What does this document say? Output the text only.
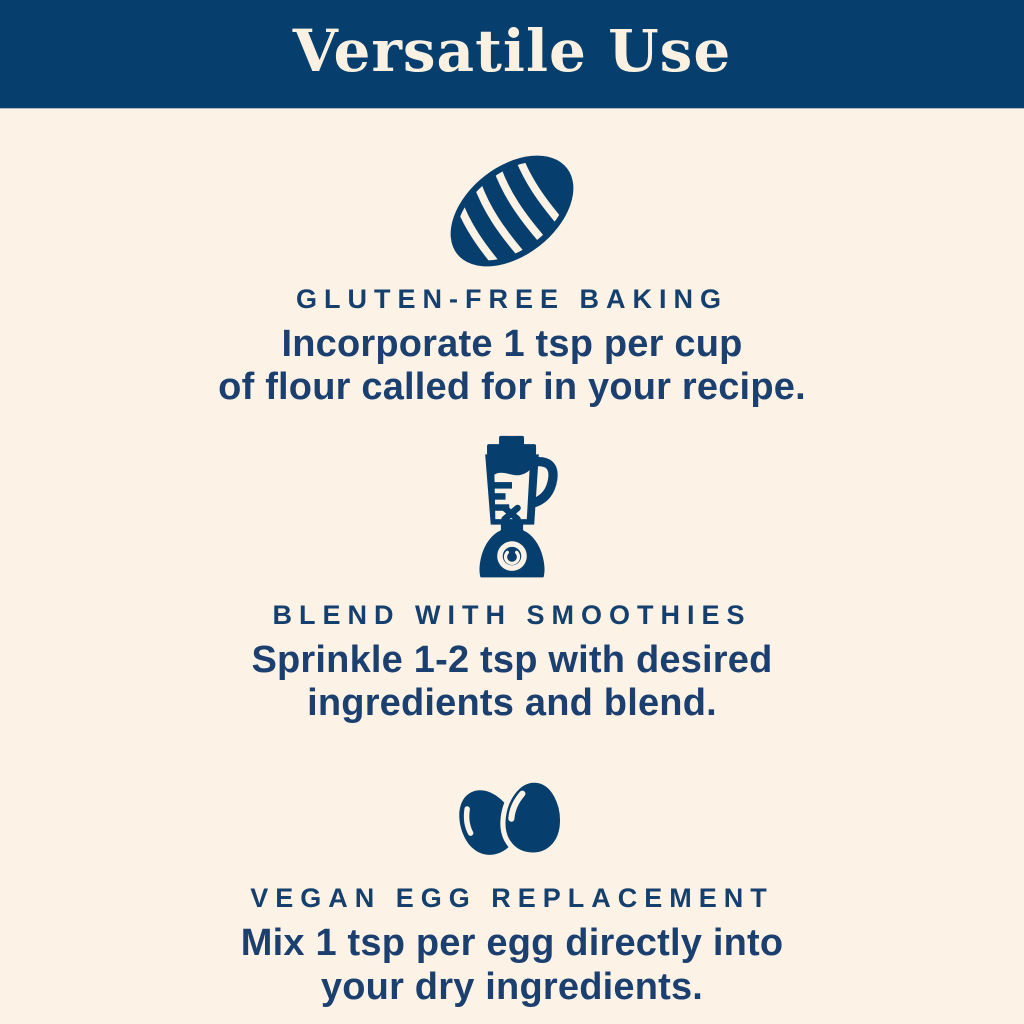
Versatile Use
GLUTEN-FREE BAKING
Incorporate 1 tsp per cup
of flour called for in your recipe.
BLEND WITH SMOOTHIES
Sprinkle 1-2 tsp with desired
ingredients and blend.
VEGAN EGG REPLACEMENT
Mix 1 tsp per egg directly into
your dry ingredients.
